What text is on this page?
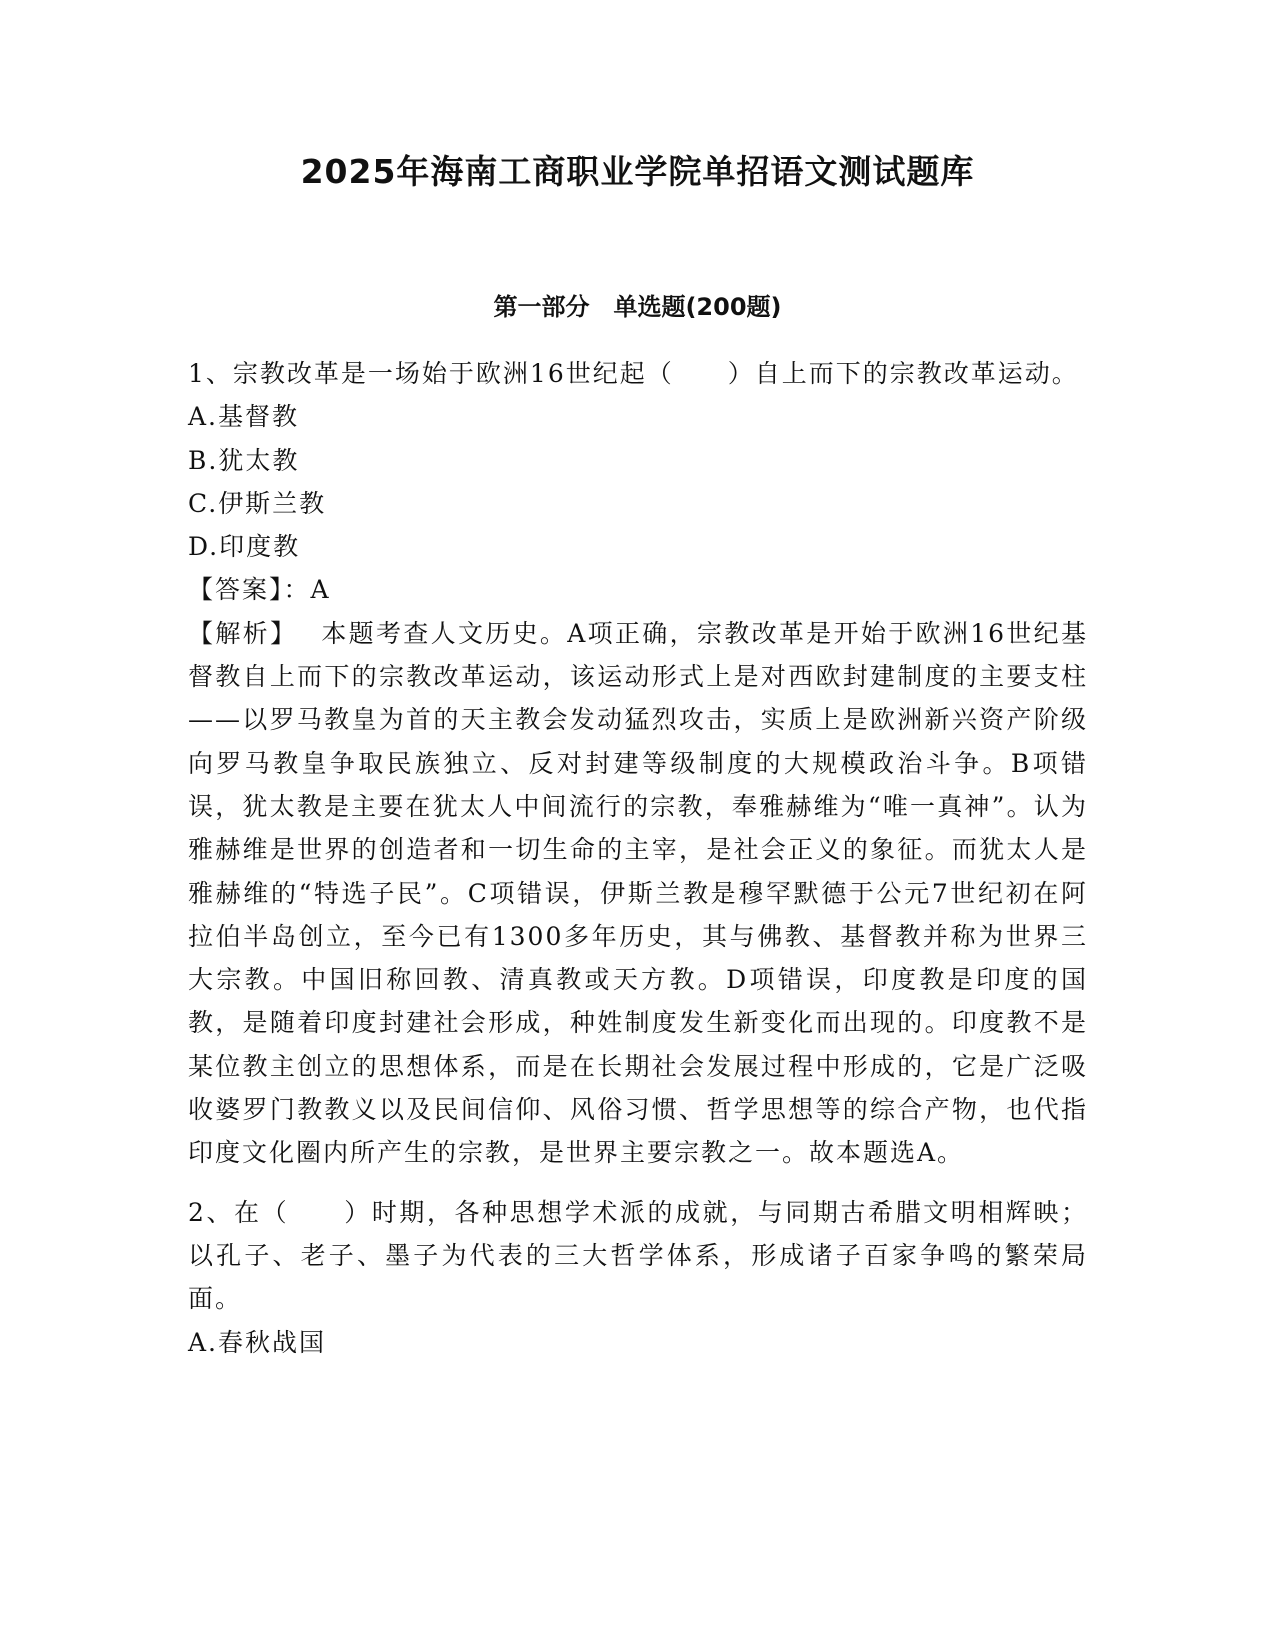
2025年海南工商职业学院单招语文测试题库
第一部分　单选题(200题)

1、宗教改革是一场始于欧洲16世纪起（　　）自上而下的宗教改革运动。

A.基督教

B.犹太教

C.伊斯兰教

D.印度教

【答案】：A

【解析】 本题考查人文历史。A项正确，宗教改革是开始于欧洲16世纪基督教自上而下的宗教改革运动，该运动形式上是对西欧封建制度的主要支柱——以罗马教皇为首的天主教会发动猛烈攻击，实质上是欧洲新兴资产阶级向罗马教皇争取民族独立、反对封建等级制度的大规模政治斗争。B项错误，犹太教是主要在犹太人中间流行的宗教，奉雅赫维为“唯一真神”。认为雅赫维是世界的创造者和一切生命的主宰，是社会正义的象征。而犹太人是雅赫维的“特选子民”。C项错误，伊斯兰教是穆罕默德于公元7世纪初在阿拉伯半岛创立，至今已有1300多年历史，其与佛教、基督教并称为世界三大宗教。中国旧称回教、清真教或天方教。D项错误，印度教是印度的国教，是随着印度封建社会形成，种姓制度发生新变化而出现的。印度教不是某位教主创立的思想体系，而是在长期社会发展过程中形成的，它是广泛吸收婆罗门教教义以及民间信仰、风俗习惯、哲学思想等的综合产物，也代指印度文化圈内所产生的宗教，是世界主要宗教之一。故本题选A。

2、在（　　）时期，各种思想学术派的成就，与同期古希腊文明相辉映；以孔子、老子、墨子为代表的三大哲学体系，形成诸子百家争鸣的繁荣局面。

A.春秋战国
